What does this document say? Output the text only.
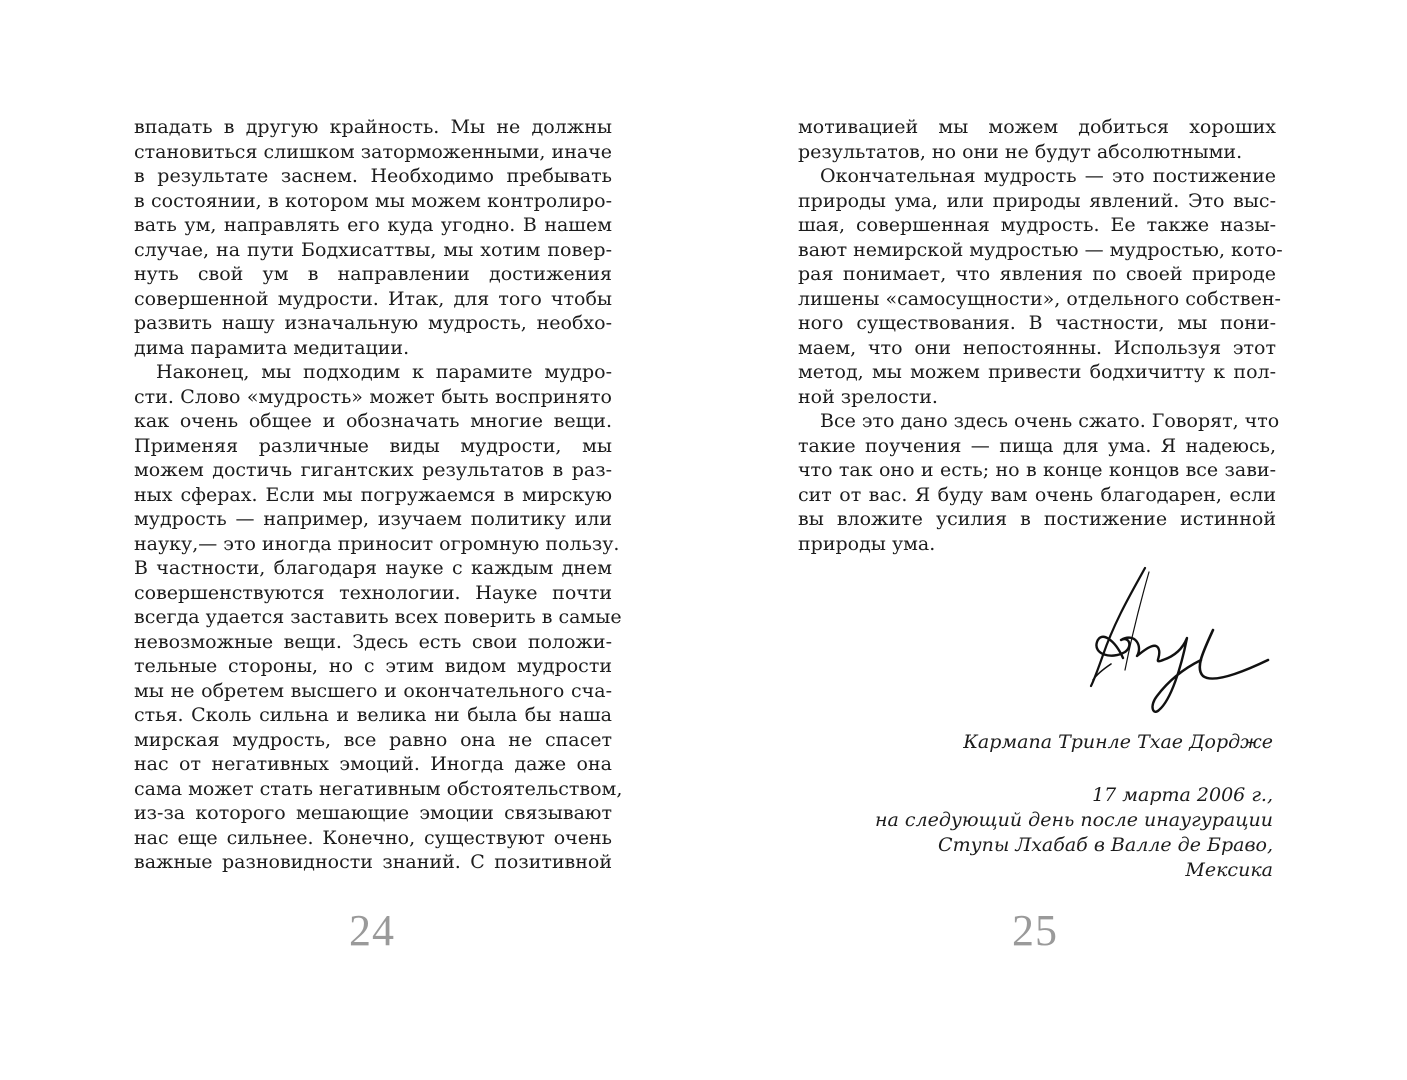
впадать в другую крайность. Мы не должны
становиться слишком заторможенными, иначе
в результате заснем. Необходимо пребывать
в состоянии, в котором мы можем контролиро-
вать ум, направлять его куда угодно. В нашем
случае, на пути Бодхисаттвы, мы хотим повер-
нуть свой ум в направлении достижения
совершенной мудрости. Итак, для того чтобы
развить нашу изначальную мудрость, необхо-
дима парамита медитации.
Наконец, мы подходим к парамите мудро-
сти. Слово «мудрость» может быть воспринято
как очень общее и обозначать многие вещи.
Применяя различные виды мудрости, мы
можем достичь гигантских результатов в раз-
ных сферах. Если мы погружаемся в мирскую
мудрость — например, изучаем политику или
науку,— это иногда приносит огромную пользу.
В частности, благодаря науке с каждым днем
совершенствуются технологии. Науке почти
всегда удается заставить всех поверить в самые
невозможные вещи. Здесь есть свои положи-
тельные стороны, но с этим видом мудрости
мы не обретем высшего и окончательного сча-
стья. Сколь сильна и велика ни была бы наша
мирская мудрость, все равно она не спасет
нас от негативных эмоций. Иногда даже она
сама может стать негативным обстоятельством,
из-за которого мешающие эмоции связывают
нас еще сильнее. Конечно, существуют очень
важные разновидности знаний. С позитивной
24
мотивацией мы можем добиться хороших
результатов, но они не будут абсолютными.
Окончательная мудрость — это постижение
природы ума, или природы явлений. Это выс-
шая, совершенная мудрость. Ее также назы-
вают немирской мудростью — мудростью, кото-
рая понимает, что явления по своей природе
лишены «самосущности», отдельного собствен-
ного существования. В частности, мы пони-
маем, что они непостоянны. Используя этот
метод, мы можем привести бодхичитту к пол-
ной зрелости.
Все это дано здесь очень сжато. Говорят, что
такие поучения — пища для ума. Я надеюсь,
что так оно и есть; но в конце концов все зави-
сит от вас. Я буду вам очень благодарен, если
вы вложите усилия в постижение истинной
природы ума.
Кармапа Тринле Тхае Дордже
17 марта 2006 г.,
на следующий день после инаугурации
Ступы Лхабаб в Валле де Браво,
Мексика
25
